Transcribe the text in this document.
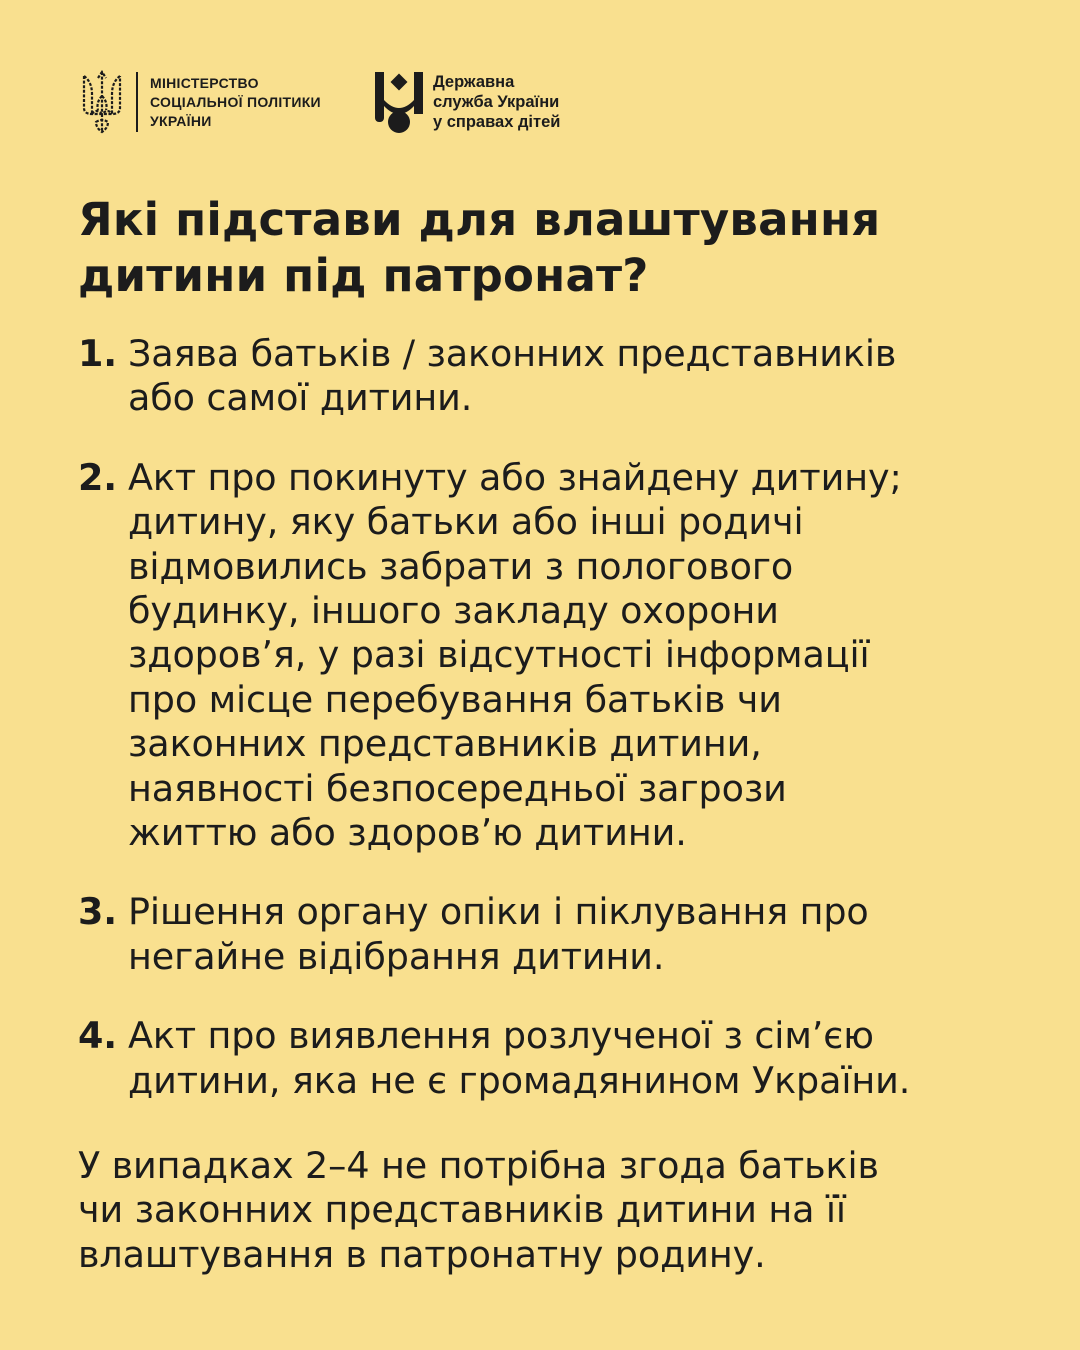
МІНІСТЕРСТВО
СОЦІАЛЬНОЇ ПОЛІТИКИ
УКРАЇНИ
Державна
служба України
у справах дітей
Які підстави для влаштування
дитини під патронат?
1. Заява батьків / законних представників
або самої дитини.
2. Акт про покинуту або знайдену дитину;
дитину, яку батьки або інші родичі
відмовились забрати з пологового
будинку, іншого закладу охорони
здоров’я, у разі відсутності інформації
про місце перебування батьків чи
законних представників дитини,
наявності безпосередньої загрози
життю або здоров’ю дитини.
3. Рішення органу опіки і піклування про
негайне відібрання дитини.
4. Акт про виявлення розлученої з сім’єю
дитини, яка не є громадянином України.

У випадках 2–4 не потрібна згода батьків
чи законних представників дитини на її
влаштування в патронатну родину.
